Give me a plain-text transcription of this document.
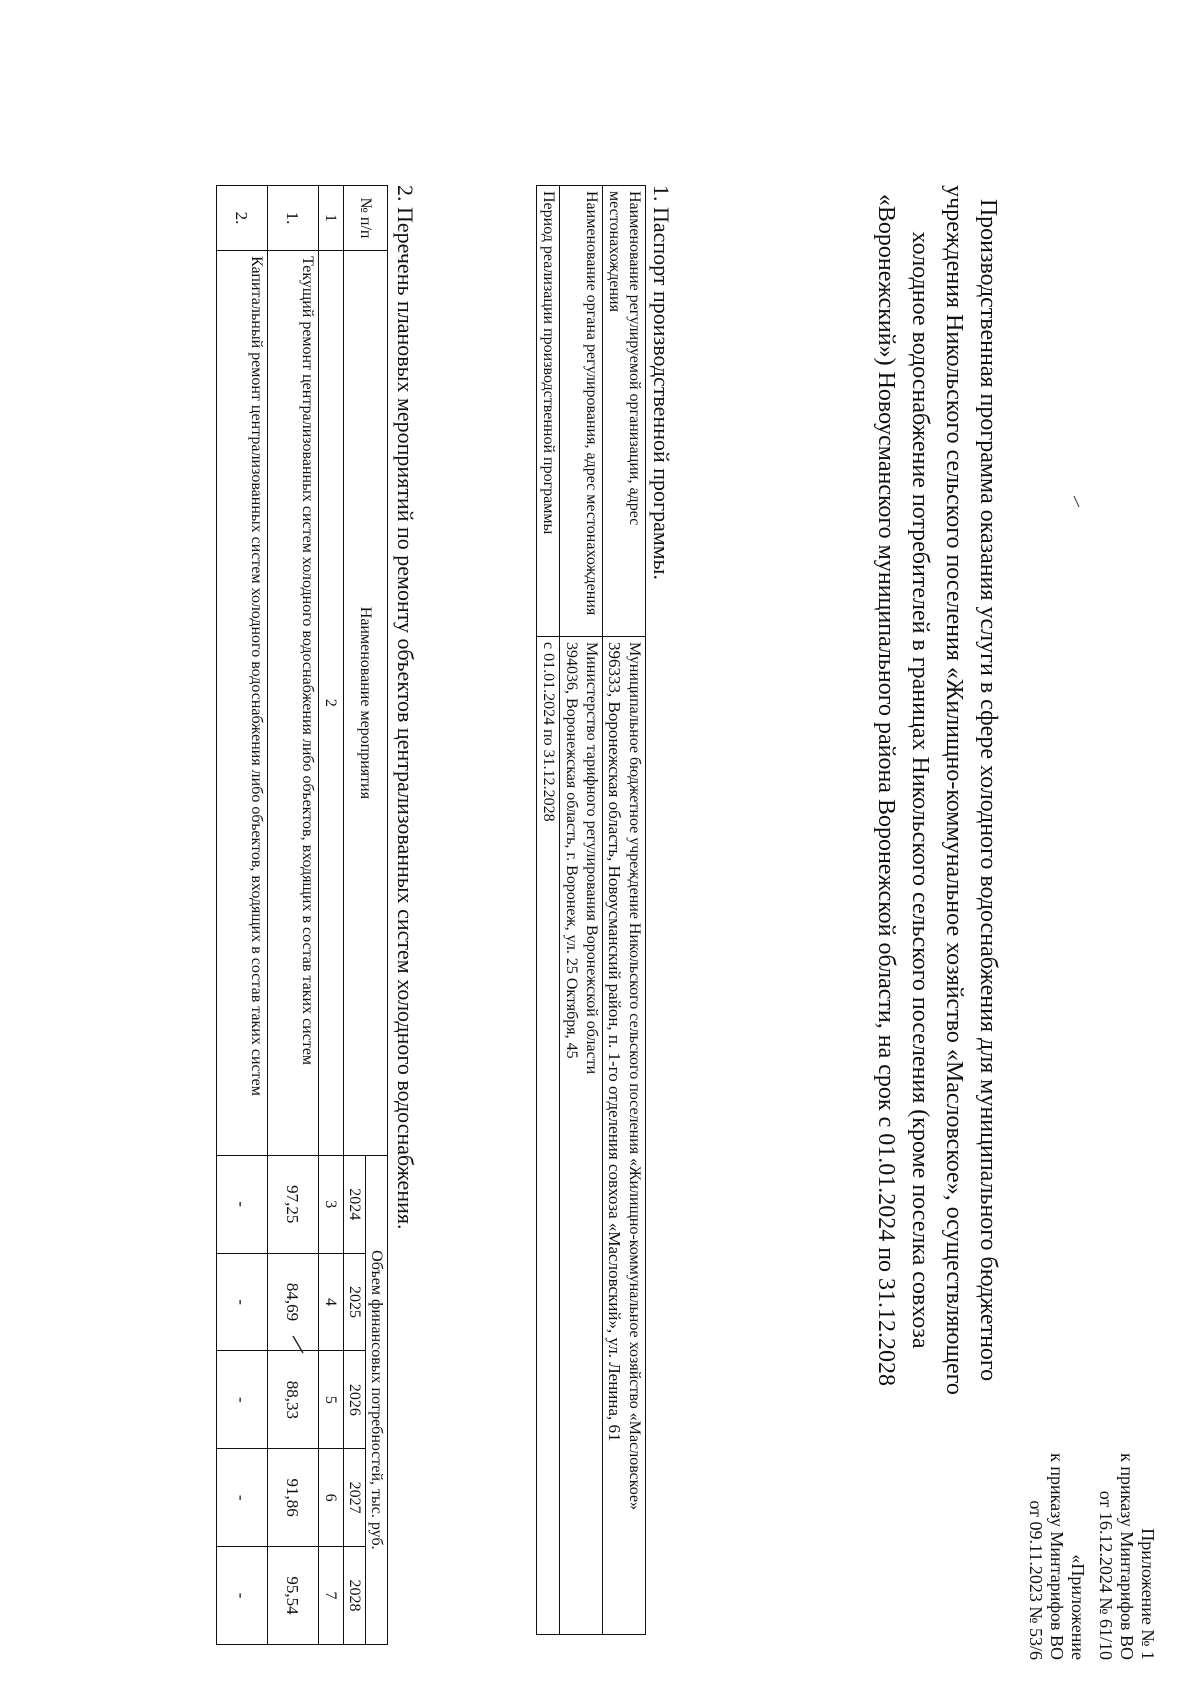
Приложение № 1
к приказу Минтарифов ВО
от 16.12.2024 № 61/10
«Приложение
к приказу Минтарифов ВО
от 09.11.2023 № 53/6
Производственная программа оказания услуги в сфере холодного водоснабжения для муниципального бюджетного
учреждения Никольского сельского поселения «Жилищно-коммунальное хозяйство «Масловское», осуществляющего
холодное водоснабжение потребителей в границах Никольского сельского поселения (кроме поселка совхоза
«Воронежский») Новоусманского муниципального района Воронежской области, на срок с 01.01.2024 по 31.12.2028
1. Паспорт производственной программы.
Наименование регулируемой организации, адрес местонахождения	Муниципальное бюджетное учреждение Никольского сельского поселения «Жилищно-коммунальное хозяйство «Масловское»
396333, Воронежская область, Новоусманский район, п. 1-го отделения совхоза «Масловский», ул. Ленина, 61

Наименование органа регулирования, адрес местонахождения	Министерство тарифного регулирования Воронежской области
394036, Воронежская область, г. Воронеж, ул. 25 Октября, 45

Период реализации производственной программы	с 01.01.2024 по 31.12.2028
2. Перечень плановых мероприятий по ремонту объектов централизованных систем холодного водоснабжения.
№ п/п	Наименование мероприятия	Объем финансовых потребностей, тыс. руб.				
		2024	2025	2026	2027	2028
1	2	3	4	5	6	7
1.	Текущий ремонт централизованных систем холодного водоснабжения либо объектов, входящих в состав таких систем	97,25	84,69	88,33	91,86	95,54
2.	Капитальный ремонт централизованных систем холодного водоснабжения либо объектов, входящих в состав таких систем	-	-	-	-	-
